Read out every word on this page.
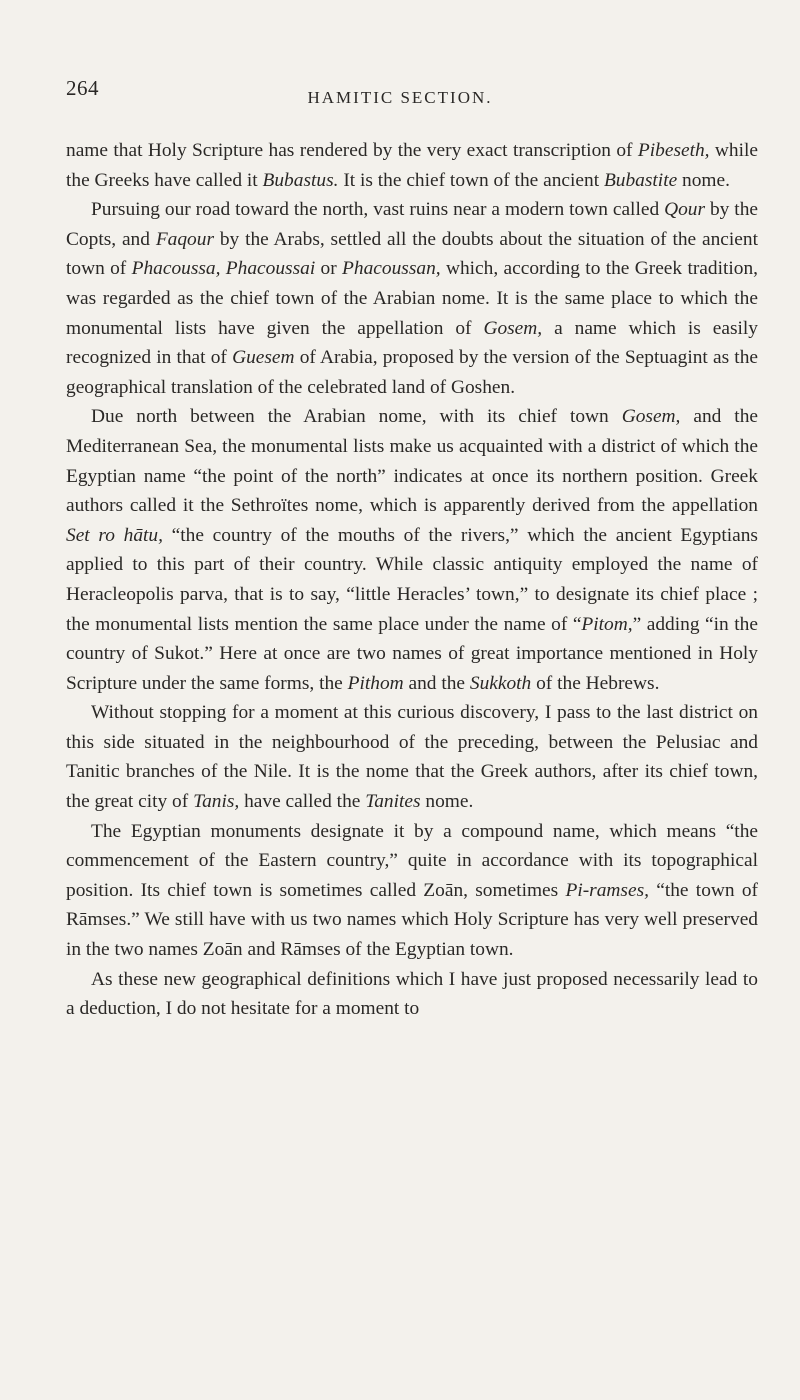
264	HAMITIC SECTION.

name that Holy Scripture has rendered by the very exact transcription of Pibeseth, while the Greeks have called it Bubastus. It is the chief town of the ancient Bubastite nome.

Pursuing our road toward the north, vast ruins near a modern town called Qour by the Copts, and Faqour by the Arabs, settled all the doubts about the situation of the ancient town of Phacoussa, Phacoussai or Phacoussan, which, according to the Greek tradition, was regarded as the chief town of the Arabian nome. It is the same place to which the monumental lists have given the appellation of Gosem, a name which is easily recognized in that of Guesem of Arabia, proposed by the version of the Septuagint as the geographical translation of the celebrated land of Goshen.

Due north between the Arabian nome, with its chief town Gosem, and the Mediterranean Sea, the monumental lists make us acquainted with a district of which the Egyptian name “the point of the north” indicates at once its northern position. Greek authors called it the Sethroïtes nome, which is apparently derived from the appellation Set ro hātu, “the country of the mouths of the rivers,” which the ancient Egyptians applied to this part of their country. While classic antiquity employed the name of Heracleopolis parva, that is to say, “little Heracles’ town,” to designate its chief place ; the monumental lists mention the same place under the name of “Pitom,” adding “in the country of Sukot.” Here at once are two names of great importance mentioned in Holy Scripture under the same forms, the Pithom and the Sukkoth of the Hebrews.

Without stopping for a moment at this curious discovery, I pass to the last district on this side situated in the neighbourhood of the preceding, between the Pelusiac and Tanitic branches of the Nile. It is the nome that the Greek authors, after its chief town, the great city of Tanis, have called the Tanites nome.

The Egyptian monuments designate it by a compound name, which means “the commencement of the Eastern country,” quite in accordance with its topographical position. Its chief town is sometimes called Zoān, sometimes Pi-ramses, “the town of Rāmses.” We still have with us two names which Holy Scripture has very well preserved in the two names Zoān and Rāmses of the Egyptian town.

As these new geographical definitions which I have just proposed necessarily lead to a deduction, I do not hesitate for a moment to
